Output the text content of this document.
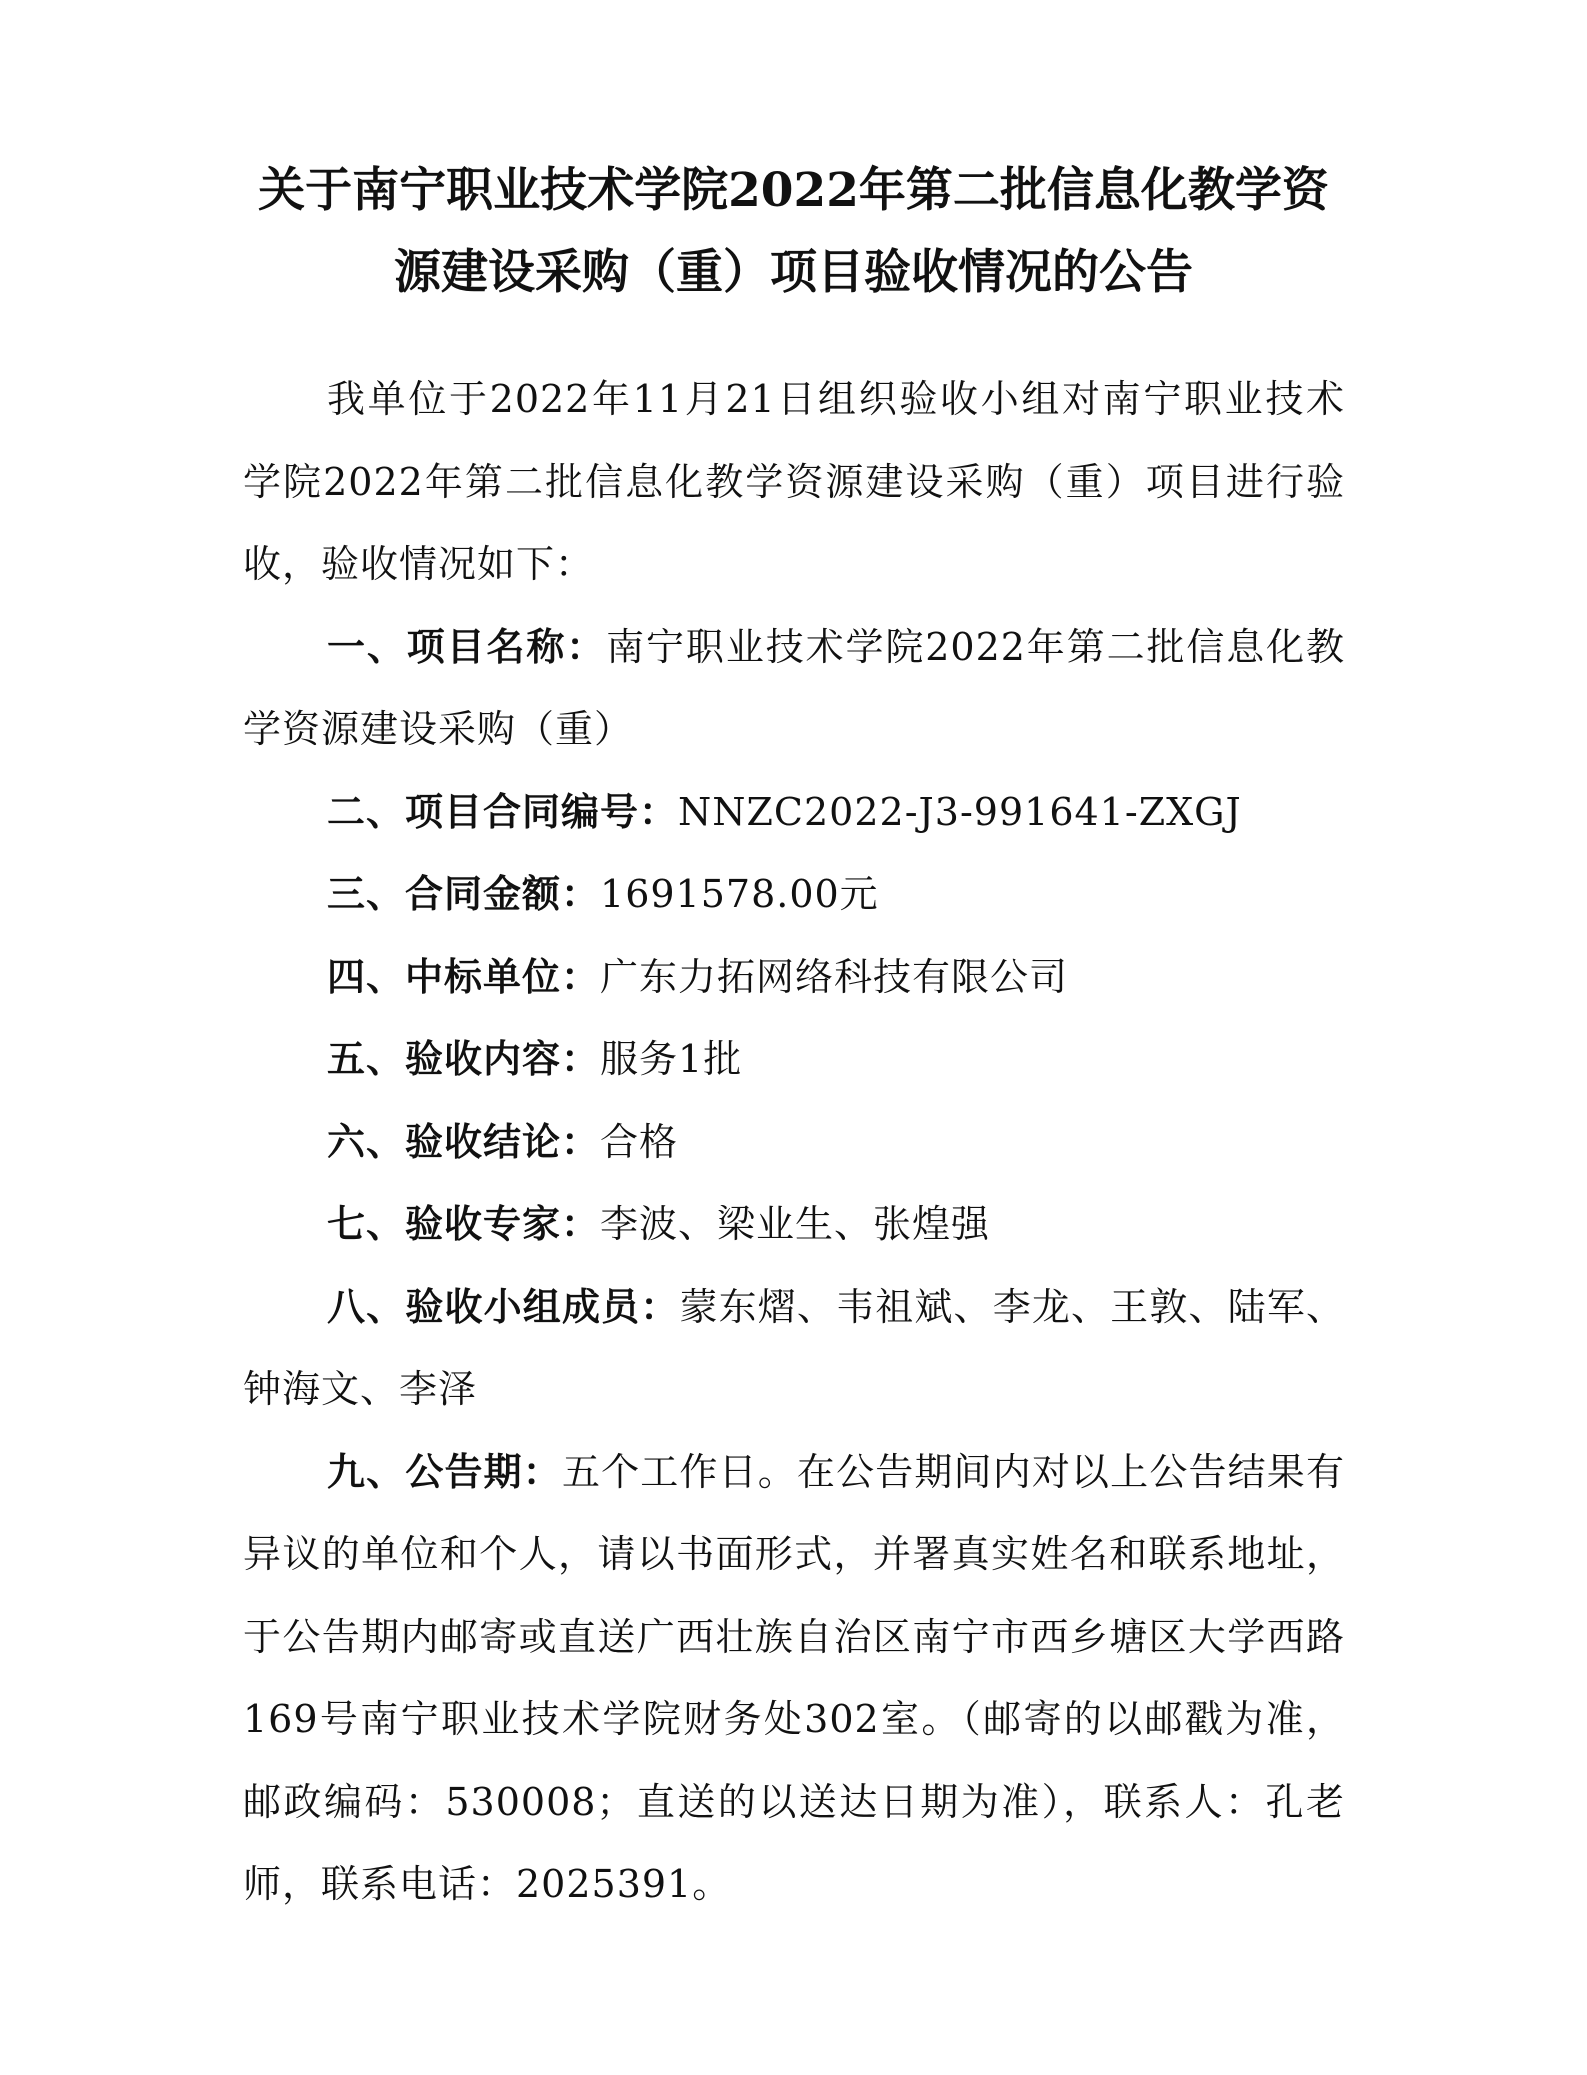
关于南宁职业技术学院2022年第二批信息化教学资
源建设采购（重）项目验收情况的公告

我单位于2022年11月21日组织验收小组对南宁职业技术学院2022年第二批信息化教学资源建设采购（重）项目进行验收，验收情况如下：

一、项目名称：南宁职业技术学院2022年第二批信息化教学资源建设采购（重）

二、项目合同编号：NNZC2022-J3-991641-ZXGJ

三、合同金额：1691578.00元

四、中标单位：广东力拓网络科技有限公司

五、验收内容：服务1批

六、验收结论：合格

七、验收专家：李波、梁业生、张煌强

八、验收小组成员：蒙东熠、韦祖斌、李龙、王敦、陆军、钟海文、李泽

九、公告期：五个工作日。在公告期间内对以上公告结果有异议的单位和个人，请以书面形式，并署真实姓名和联系地址，于公告期内邮寄或直送广西壮族自治区南宁市西乡塘区大学西路169号南宁职业技术学院财务处302室。（邮寄的以邮戳为准，邮政编码：530008；直送的以送达日期为准），联系人：孔老师，联系电话：2025391。
